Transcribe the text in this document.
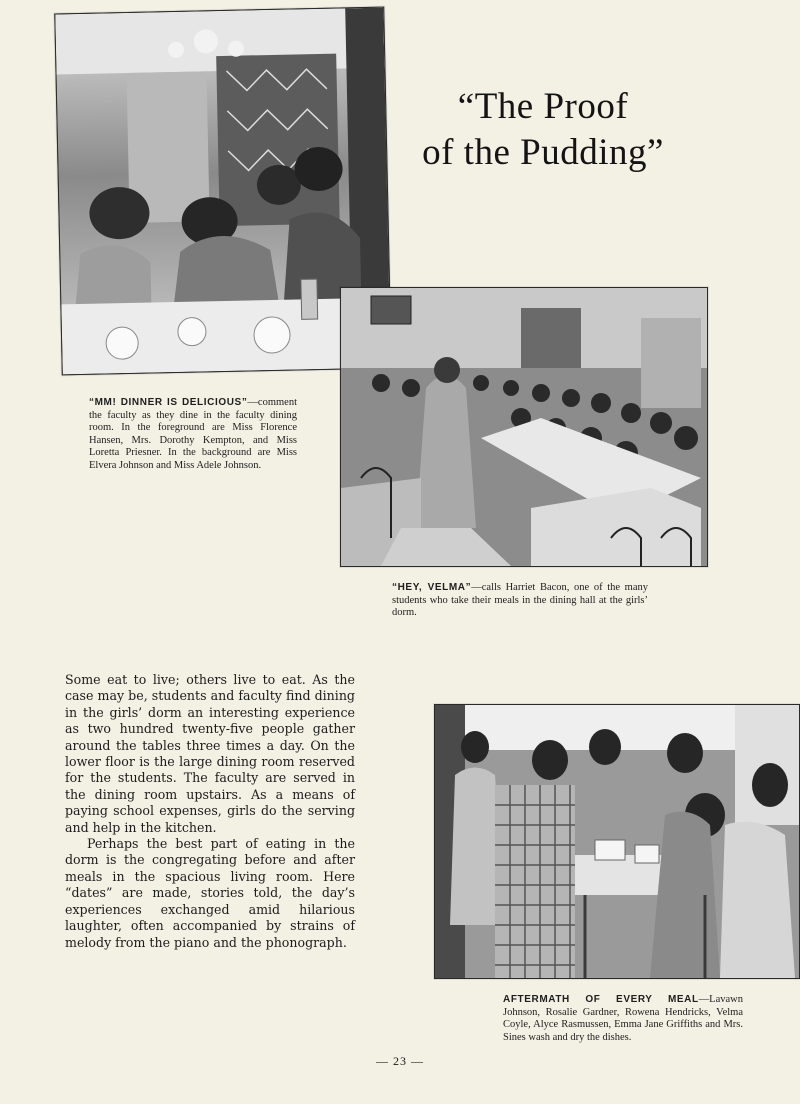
“The Proof
of the Pudding”
“MM! DINNER IS DELICIOUS”—comment the faculty as they dine in the faculty dining room. In the foreground are Miss Florence Hansen, Mrs. Dorothy Kempton, and Miss Loretta Priesner. In the background are Miss Elvera Johnson and Miss Adele Johnson.
“HEY, VELMA”—calls Harriet Bacon, one of the many students who take their meals in the dining hall at the girls’ dorm.

Some eat to live; others live to eat. As the case may be, students and faculty find dining in the girls’ dorm an interesting experience as two hundred twenty-five people gather around the tables three times a day. On the lower floor is the large dining room reserved for the students. The faculty are served in the dining room upstairs. As a means of paying school expenses, girls do the serving and help in the kitchen.

Perhaps the best part of eating in the dorm is the congregating before and after meals in the spacious living room. Here “dates” are made, stories told, the day’s experiences exchanged amid hilarious laughter, often accompanied by strains of melody from the piano and the phonograph.

AFTERMATH OF EVERY MEAL—Lavawn Johnson, Rosalie Gardner, Rowena Hendricks, Velma Coyle, Alyce Rasmussen, Emma Jane Griffiths and Mrs. Sines wash and dry the dishes.
— 23 —
